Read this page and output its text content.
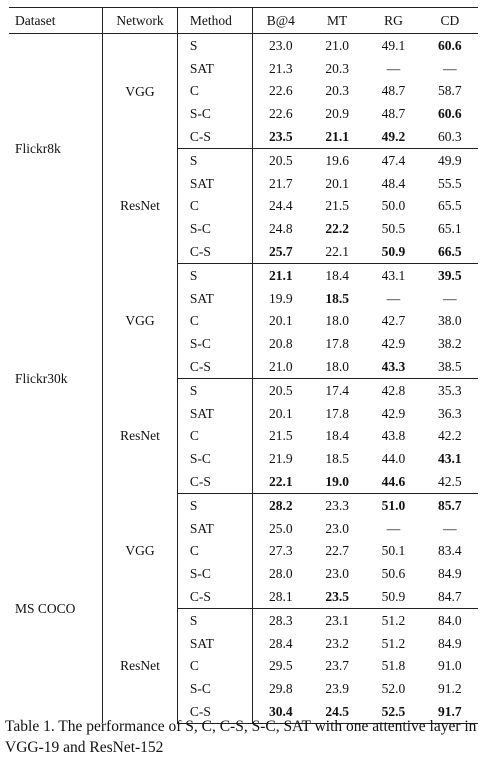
Dataset	Network	Method	B@4	MT	RG	CD
Flickr8k	VGG	S	23.0	21.0	49.1	60.6
		SAT	21.3	20.3	—	—
		C	22.6	20.3	48.7	58.7
		S-C	22.6	20.9	48.7	60.6
		C-S	23.5	21.1	49.2	60.3
	ResNet	S	20.5	19.6	47.4	49.9
		SAT	21.7	20.1	48.4	55.5
		C	24.4	21.5	50.0	65.5
		S-C	24.8	22.2	50.5	65.1
		C-S	25.7	22.1	50.9	66.5
Flickr30k	VGG	S	21.1	18.4	43.1	39.5
		SAT	19.9	18.5	—	—
		C	20.1	18.0	42.7	38.0
		S-C	20.8	17.8	42.9	38.2
		C-S	21.0	18.0	43.3	38.5
	ResNet	S	20.5	17.4	42.8	35.3
		SAT	20.1	17.8	42.9	36.3
		C	21.5	18.4	43.8	42.2
		S-C	21.9	18.5	44.0	43.1
		C-S	22.1	19.0	44.6	42.5
MS COCO	VGG	S	28.2	23.3	51.0	85.7
		SAT	25.0	23.0	—	—
		C	27.3	22.7	50.1	83.4
		S-C	28.0	23.0	50.6	84.9
		C-S	28.1	23.5	50.9	84.7
	ResNet	S	28.3	23.1	51.2	84.0
		SAT	28.4	23.2	51.2	84.9
		C	29.5	23.7	51.8	91.0
		S-C	29.8	23.9	52.0	91.2
		C-S	30.4	24.5	52.5	91.7
Table 1. The performance of S, C, C-S, S-C, SAT with one attentive layer in VGG-19 and ResNet-152
